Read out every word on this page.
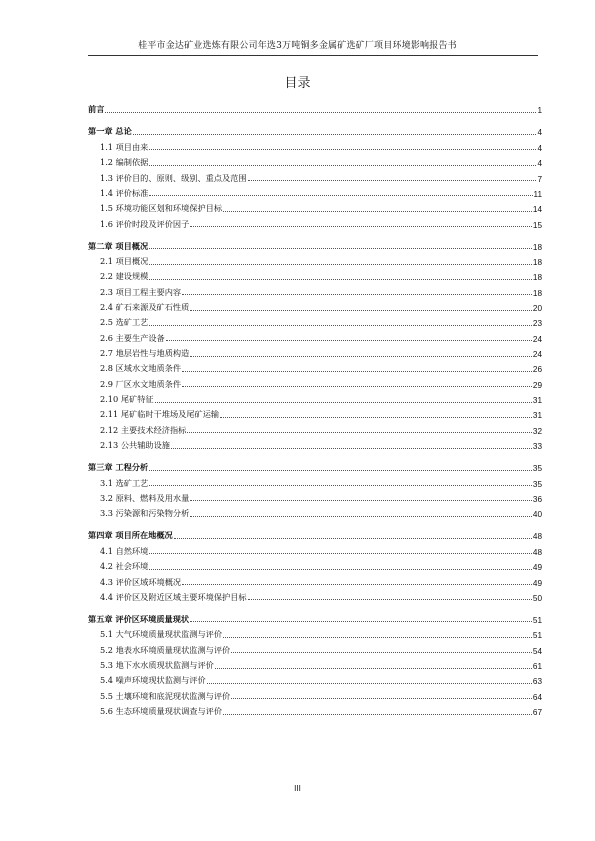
桂平市金达矿业选炼有限公司年选3万吨铜多金属矿选矿厂项目环境影响报告书
目录
前言	1
第一章 总论	4
1.1 项目由来	4
1.2 编制依据	4
1.3 评价目的、原则、级别、重点及范围	7
1.4 评价标准	11
1.5 环境功能区划和环境保护目标	14
1.6 评价时段及评价因子	15
第二章 项目概况	18
2.1 项目概况	18
2.2 建设规模	18
2.3 项目工程主要内容	18
2.4 矿石来源及矿石性质	20
2.5 选矿工艺	23
2.6 主要生产设备	24
2.7 地层岩性与地质构造	24
2.8 区域水文地质条件	26
2.9 厂区水文地质条件	29
2.10 尾矿特征	31
2.11 尾矿临时干堆场及尾矿运输	31
2.12 主要技术经济指标	32
2.13 公共辅助设施	33
第三章 工程分析	35
3.1 选矿工艺	35
3.2 原料、燃料及用水量	36
3.3 污染源和污染物分析	40
第四章 项目所在地概况	48
4.1 自然环境	48
4.2 社会环境	49
4.3 评价区域环境概况	49
4.4 评价区及附近区域主要环境保护目标	50
第五章 评价区环境质量现状	51
5.1 大气环境质量现状监测与评价	51
5.2 地表水环境质量现状监测与评价	54
5.3 地下水水质现状监测与评价	61
5.4 噪声环境现状监测与评价	63
5.5 土壤环境和底泥现状监测与评价	64
5.6 生态环境质量现状调查与评价	67
III
